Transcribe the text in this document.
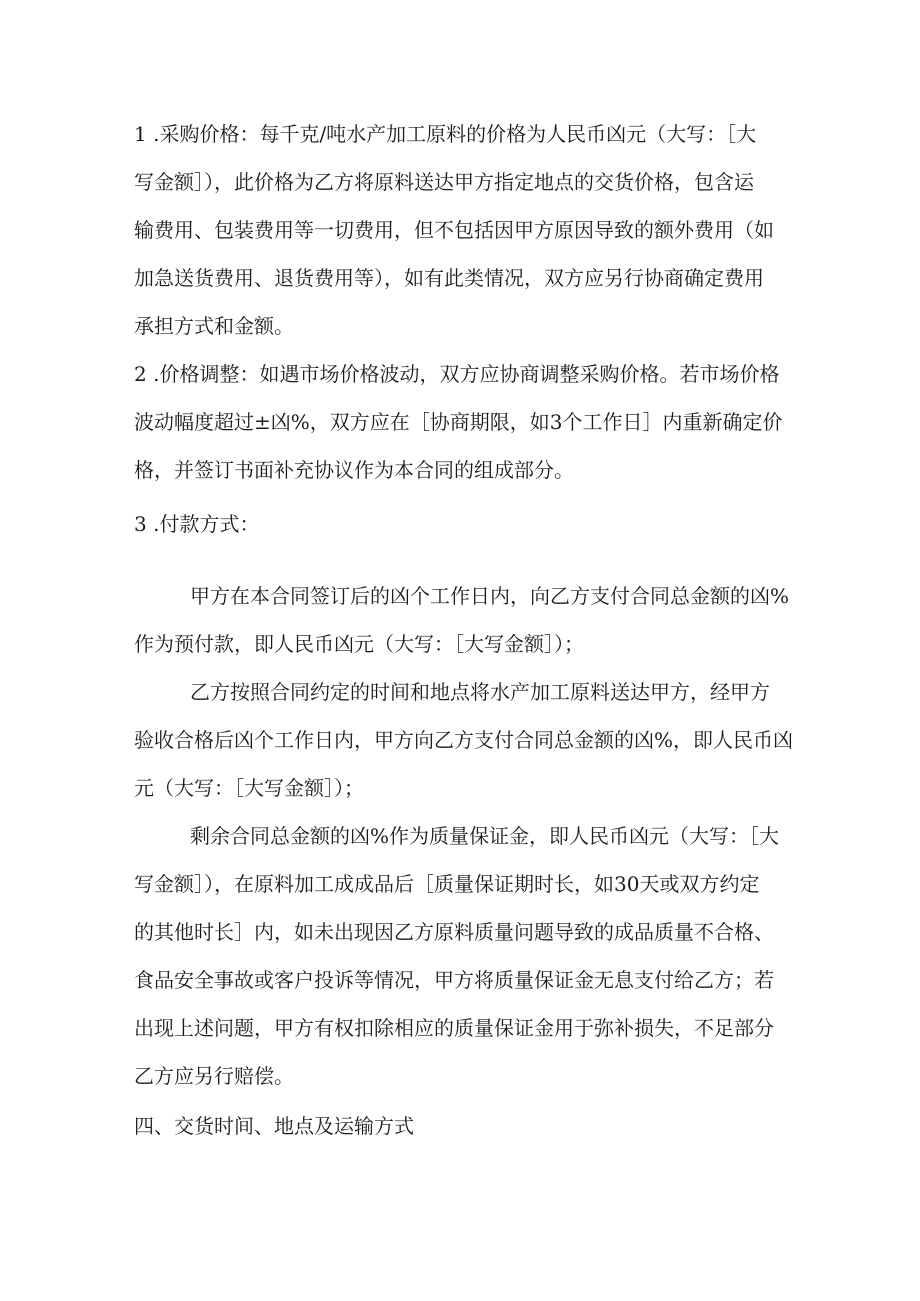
1 .采购价格：每千克/吨水产加工原料的价格为人民币凶元（大写：［大
写金额］），此价格为乙方将原料送达甲方指定地点的交货价格，包含运
输费用、包装费用等一切费用，但不包括因甲方原因导致的额外费用（如
加急送货费用、退货费用等），如有此类情况，双方应另行协商确定费用
承担方式和金额。
2 .价格调整：如遇市场价格波动，双方应协商调整采购价格。若市场价格
波动幅度超过±凶%，双方应在［协商期限，如3个工作日］内重新确定价
格，并签订书面补充协议作为本合同的组成部分。
3 .付款方式：
甲方在本合同签订后的凶个工作日内，向乙方支付合同总金额的凶%
作为预付款，即人民币凶元（大写：［大写金额］）；
乙方按照合同约定的时间和地点将水产加工原料送达甲方，经甲方
验收合格后凶个工作日内，甲方向乙方支付合同总金额的凶%，即人民币凶
元（大写：［大写金额］）；
剩余合同总金额的凶%作为质量保证金，即人民币凶元（大写：［大
写金额］），在原料加工成成品后［质量保证期时长，如30天或双方约定
的其他时长］内，如未出现因乙方原料质量问题导致的成品质量不合格、
食品安全事故或客户投诉等情况，甲方将质量保证金无息支付给乙方；若
出现上述问题，甲方有权扣除相应的质量保证金用于弥补损失，不足部分
乙方应另行赔偿。
四、交货时间、地点及运输方式
